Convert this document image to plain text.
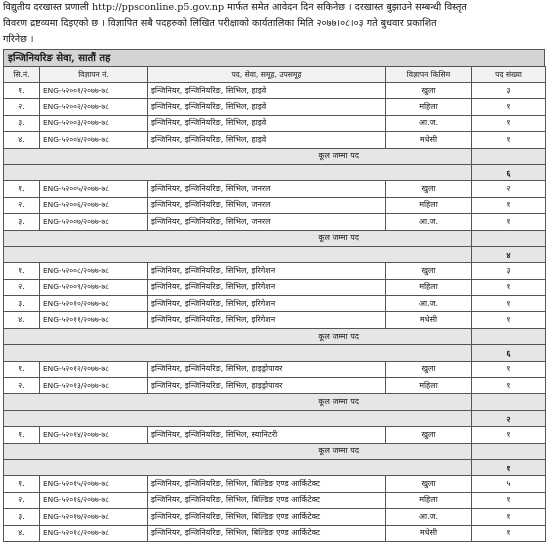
विद्युतीय दरखास्त प्रणाली http://ppsconline.p5.gov.np मार्फत समेत आवेदन दिन सकिनेछ । दरखास्त बुझाउने सम्बन्धी विस्तृत
विवरण द्रष्टव्यमा दिइएको छ । विज्ञापित सबै पदहरुको लिखित परीक्षाको कार्यतालिका मिति २०७७।०८।०३ गते बुधवार प्रकाशित
गरिनेछ ।
इन्जिनियरिङ सेवा, सातौं तह
सि.नं.	विज्ञापन नं.	पद, सेवा, समूह, उपसमूह	विज्ञापन किसिम	पद संख्या
१.	ENG-५२००१/२०७७-७८	इन्जिनियर, इन्जिनियरिङ, सिभिल, हाइवे	खुला	३
२.	ENG-५२००२/२०७७-७८	इन्जिनियर, इन्जिनियरिङ, सिभिल, हाइवे	महिला	१
३.	ENG-५२००३/२०७७-७८	इन्जिनियर, इन्जिनियरिङ, सिभिल, हाइवे	आ.ज.	१
४.	ENG-५२००४/२०७७-७८	इन्जिनियर, इन्जिनियरिङ, सिभिल, हाइवे	मधेसी	१
कूल जम्मा पद				
				६
१.	ENG-५२००५/२०७७-७८	इन्जिनियर, इन्जिनियरिङ, सिभिल, जनरल	खुला	२
२.	ENG-५२००६/२०७७-७८	इन्जिनियर, इन्जिनियरिङ, सिभिल, जनरल	महिला	१
३.	ENG-५२००७/२०७७-७८	इन्जिनियर, इन्जिनियरिङ, सिभिल, जनरल	आ.ज.	१
कूल जम्मा पद				
				४
१.	ENG-५२००८/२०७७-७८	इन्जिनियर, इन्जिनियरिङ, सिभिल, इरिगेशन	खुला	३
२.	ENG-५२००९/२०७७-७८	इन्जिनियर, इन्जिनियरिङ, सिभिल, इरिगेशन	महिला	१
३.	ENG-५२०१०/२०७७-७८	इन्जिनियर, इन्जिनियरिङ, सिभिल, इरिगेशन	आ.ज.	१
४.	ENG-५२०११/२०७७-७८	इन्जिनियर, इन्जिनियरिङ, सिभिल, इरिगेशन	मधेसी	१
कूल जम्मा पद				
				६
१.	ENG-५२०१२/२०७७-७८	इन्जिनियर, इन्जिनियरिङ, सिभिल, हाइड्रोपावर	खुला	१
२.	ENG-५२०१३/२०७७-७८	इन्जिनियर, इन्जिनियरिङ, सिभिल, हाइड्रोपावर	महिला	१
कूल जम्मा पद				
				२
१.	ENG-५२०१४/२०७७-७८	इन्जिनियर, इन्जिनियरिङ, सिभिल, स्यानिटरी	खुला	१
कूल जम्मा पद				
				१
१.	ENG-५२०१५/२०७७-७८	इन्जिनियर, इन्जिनियरिङ, सिभिल, बिल्डिङ एण्ड आर्किटेक्ट	खुला	५
२.	ENG-५२०१६/२०७७-७८	इन्जिनियर, इन्जिनियरिङ, सिभिल, बिल्डिङ एण्ड आर्किटेक्ट	महिला	१
३.	ENG-५२०१७/२०७७-७८	इन्जिनियर, इन्जिनियरिङ, सिभिल, बिल्डिङ एण्ड आर्किटेक्ट	आ.ज.	१
४.	ENG-५२०१८/२०७७-७८	इन्जिनियर, इन्जिनियरिङ, सिभिल, बिल्डिङ एण्ड आर्किटेक्ट	मधेसी	१
